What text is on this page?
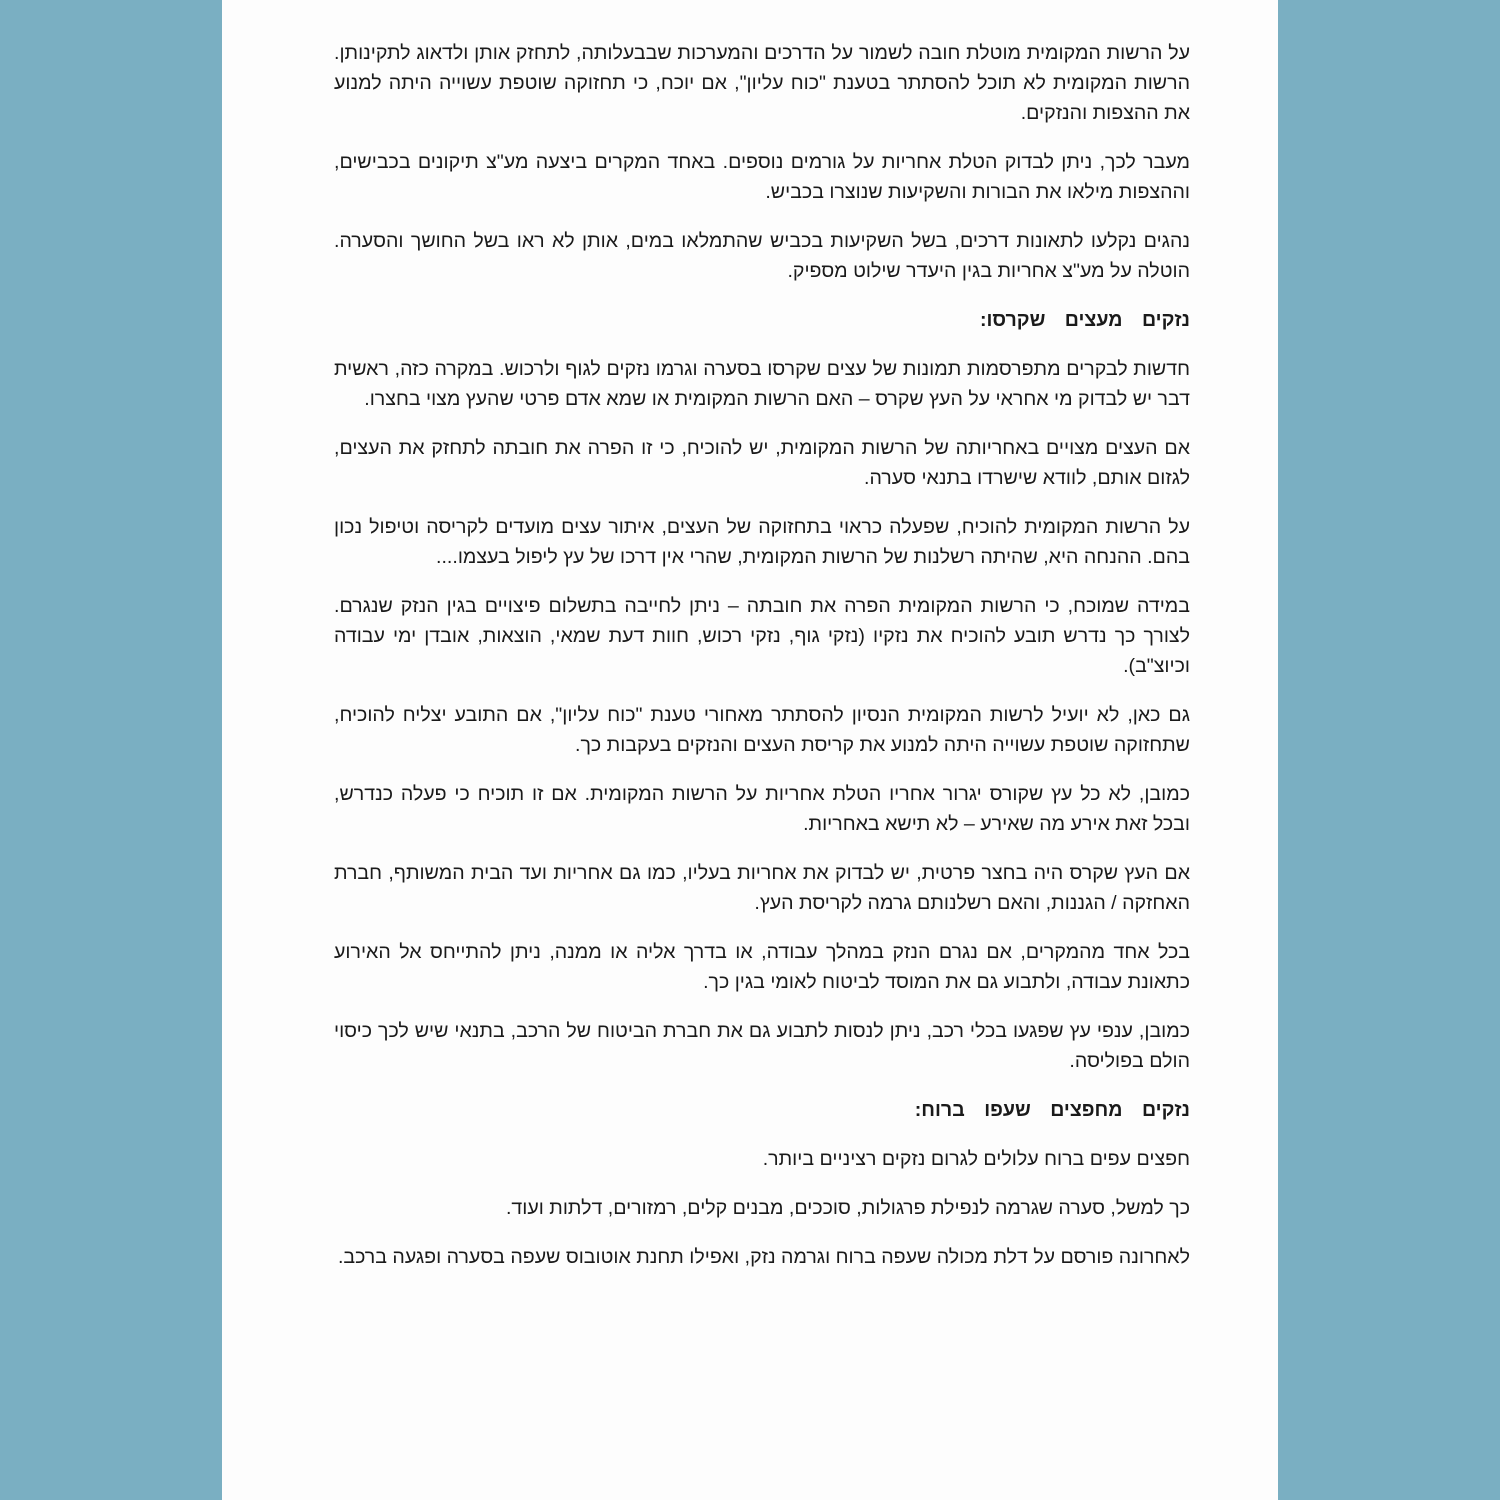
על הרשות המקומית מוטלת חובה לשמור על הדרכים והמערכות שבבעלותה, לתחזק אותן ולדאוג לתקינותן. הרשות המקומית לא תוכל להסתתר בטענת "כוח עליון", אם יוכח, כי תחזוקה שוטפת עשוייה היתה למנוע את ההצפות והנזקים.

מעבר לכך, ניתן לבדוק הטלת אחריות על גורמים נוספים. באחד המקרים ביצעה מע"צ תיקונים בכבישים, וההצפות מילאו את הבורות והשקיעות שנוצרו בכביש.

נהגים נקלעו לתאונות דרכים, בשל השקיעות בכביש שהתמלאו במים, אותן לא ראו בשל החושך והסערה. הוטלה על מע"צ אחריות בגין היעדר שילוט מספיק.

נזקים מעצים שקרסו:

חדשות לבקרים מתפרסמות תמונות של עצים שקרסו בסערה וגרמו נזקים לגוף ולרכוש. במקרה כזה, ראשית דבר יש לבדוק מי אחראי על העץ שקרס – האם הרשות המקומית או שמא אדם פרטי שהעץ מצוי בחצרו.

אם העצים מצויים באחריותה של הרשות המקומית, יש להוכיח, כי זו הפרה את חובתה לתחזק את העצים, לגזום אותם, לוודא שישרדו בתנאי סערה.

על הרשות המקומית להוכיח, שפעלה כראוי בתחזוקה של העצים, איתור עצים מועדים לקריסה וטיפול נכון בהם. ההנחה היא, שהיתה רשלנות של הרשות המקומית, שהרי אין דרכו של עץ ליפול בעצמו....

במידה שמוכח, כי הרשות המקומית הפרה את חובתה – ניתן לחייבה בתשלום פיצויים בגין הנזק שנגרם. לצורך כך נדרש תובע להוכיח את נזקיו (נזקי גוף, נזקי רכוש, חוות דעת שמאי, הוצאות, אובדן ימי עבודה וכיוצ"ב).

גם כאן, לא יועיל לרשות המקומית הנסיון להסתתר מאחורי טענת "כוח עליון", אם התובע יצליח להוכיח, שתחזוקה שוטפת עשוייה היתה למנוע את קריסת העצים והנזקים בעקבות כך.

כמובן, לא כל עץ שקורס יגרור אחריו הטלת אחריות על הרשות המקומית. אם זו תוכיח כי פעלה כנדרש, ובכל זאת אירע מה שאירע – לא תישא באחריות.

אם העץ שקרס היה בחצר פרטית, יש לבדוק את אחריות בעליו, כמו גם אחריות ועד הבית המשותף, חברת האחזקה / הגננות, והאם רשלנותם גרמה לקריסת העץ.

בכל אחד מהמקרים, אם נגרם הנזק במהלך עבודה, או בדרך אליה או ממנה, ניתן להתייחס אל האירוע כתאונת עבודה, ולתבוע גם את המוסד לביטוח לאומי בגין כך.

כמובן, ענפי עץ שפגעו בכלי רכב, ניתן לנסות לתבוע גם את חברת הביטוח של הרכב, בתנאי שיש לכך כיסוי הולם בפוליסה.

נזקים מחפצים שעפו ברוח:

חפצים עפים ברוח עלולים לגרום נזקים רציניים ביותר.

כך למשל, סערה שגרמה לנפילת פרגולות, סוככים, מבנים קלים, רמזורים, דלתות ועוד.

לאחרונה פורסם על דלת מכולה שעפה ברוח וגרמה נזק, ואפילו תחנת אוטובוס שעפה בסערה ופגעה ברכב.
